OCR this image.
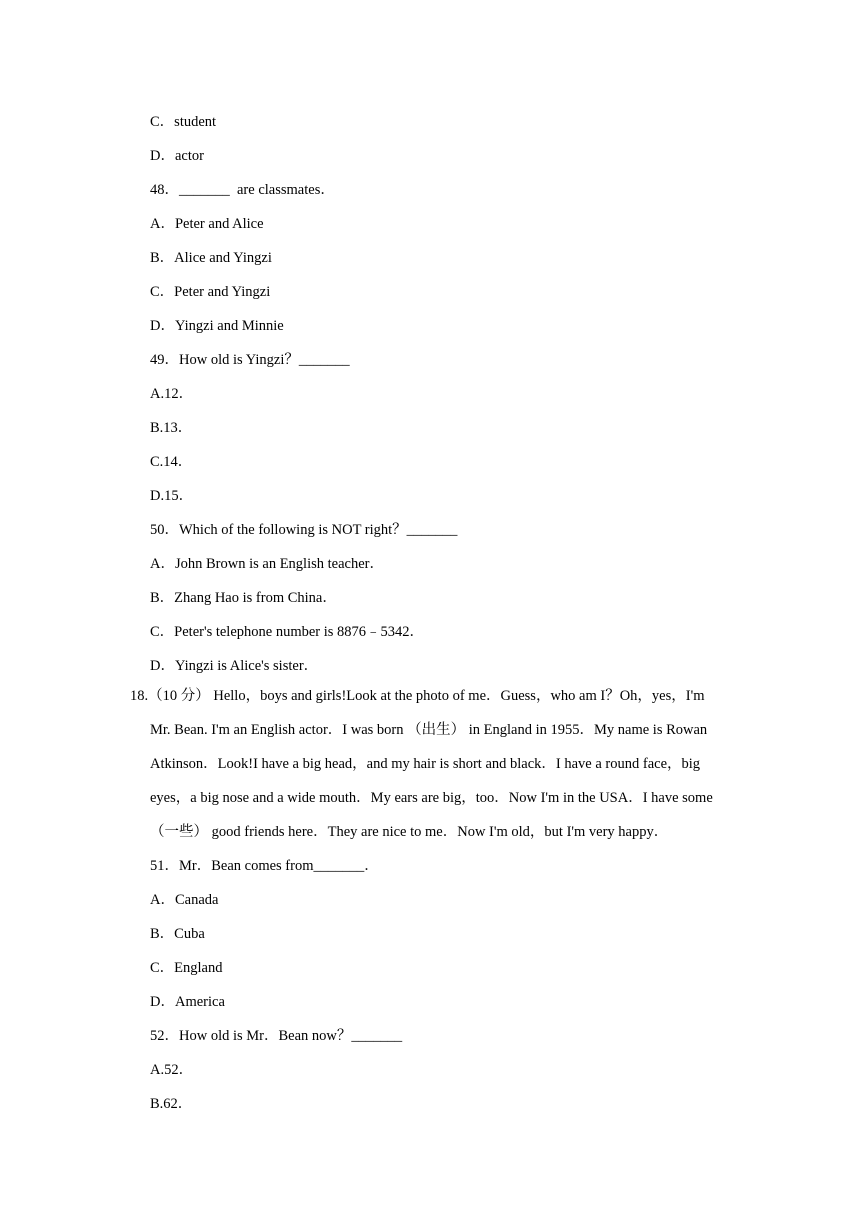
C．student
D．actor
48．_______  are classmates．
A．Peter and Alice
B．Alice and Yingzi
C．Peter and Yingzi
D．Yingzi and Minnie
49．How old is Yingzi？_______
A.12．
B.13．
C.14．
D.15．
50．Which of the following is NOT right？_______
A．John Brown is an English teacher．
B．Zhang Hao is from China．
C．Peter's telephone number is 8876﹣5342．
D．Yingzi is Alice's sister．
18.（10 分） Hello，boys and girls!Look at the photo of me．Guess，who am I？Oh，yes，I'm
Mr. Bean. I'm an English actor．I was born （出生） in England in 1955．My name is Rowan
Atkinson．Look!I have a big head，and my hair is short and black．I have a round face，big
eyes，a big nose and a wide mouth．My ears are big，too．Now I'm in the USA．I have some
（一些） good friends here．They are nice to me．Now I'm old，but I'm very happy．
51．Mr．Bean comes from_______．
A．Canada
B．Cuba
C．England
D．America
52．How old is Mr．Bean now？_______
A.52．
B.62．
